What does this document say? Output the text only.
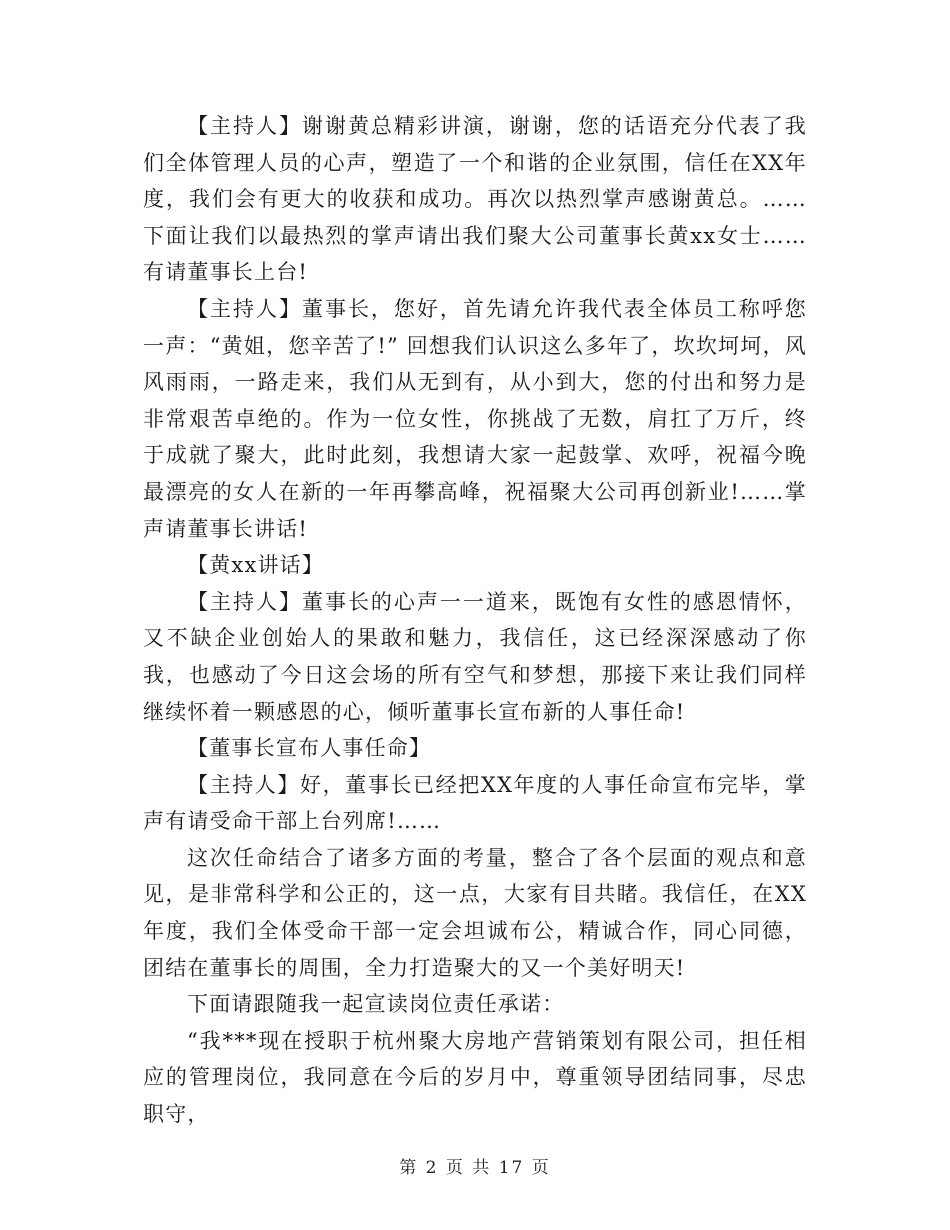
【主持人】谢谢黄总精彩讲演，谢谢，您的话语充分代表了我们全体管理人员的心声，塑造了一个和谐的企业氛围，信任在XX年度，我们会有更大的收获和成功。再次以热烈掌声感谢黄总。……下面让我们以最热烈的掌声请出我们聚大公司董事长黄xx女士……有请董事长上台!

【主持人】董事长，您好，首先请允许我代表全体员工称呼您一声：“黄姐，您辛苦了!” 回想我们认识这么多年了，坎坎坷坷，风风雨雨，一路走来，我们从无到有，从小到大，您的付出和努力是非常艰苦卓绝的。作为一位女性，你挑战了无数，肩扛了万斤，终于成就了聚大，此时此刻，我想请大家一起鼓掌、欢呼，祝福今晚最漂亮的女人在新的一年再攀高峰，祝福聚大公司再创新业!……掌声请董事长讲话!

【黄xx讲话】

【主持人】董事长的心声一一道来，既饱有女性的感恩情怀，又不缺企业创始人的果敢和魅力，我信任，这已经深深感动了你我，也感动了今日这会场的所有空气和梦想，那接下来让我们同样继续怀着一颗感恩的心，倾听董事长宣布新的人事任命!

【董事长宣布人事任命】

【主持人】好，董事长已经把XX年度的人事任命宣布完毕，掌声有请受命干部上台列席!……

这次任命结合了诸多方面的考量，整合了各个层面的观点和意见，是非常科学和公正的，这一点，大家有目共睹。我信任，在XX年度，我们全体受命干部一定会坦诚布公，精诚合作，同心同德，团结在董事长的周围，全力打造聚大的又一个美好明天!

下面请跟随我一起宣读岗位责任承诺：

“我***现在授职于杭州聚大房地产营销策划有限公司，担任相应的管理岗位，我同意在今后的岁月中，尊重领导团结同事，尽忠职守，

第 2 页 共 17 页
